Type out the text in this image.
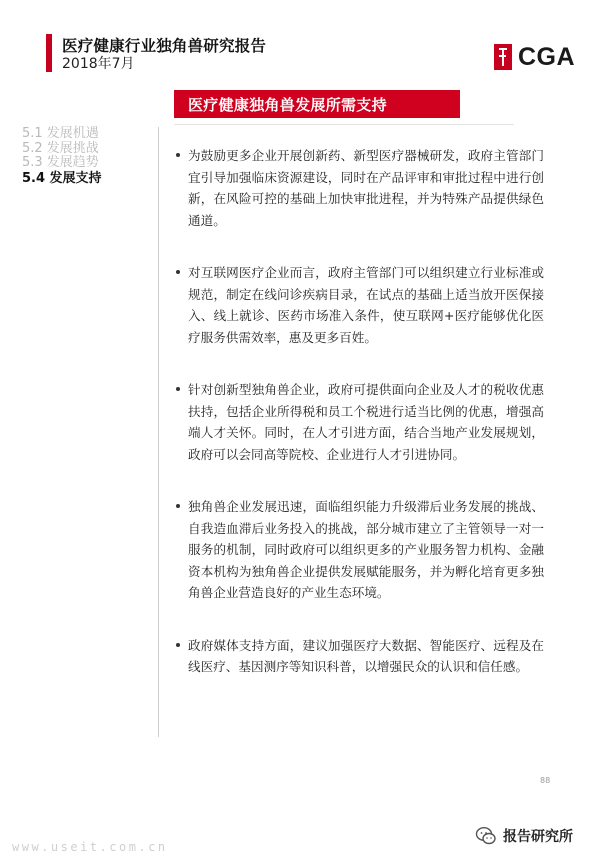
医疗健康行业独角兽研究报告
2018年7月	CGA
医疗健康独角兽发展所需支持
5.1 发展机遇
5.2 发展挑战
5.3 发展趋势
5.4 发展支持

为鼓励更多企业开展创新药、新型医疗器械研发，政府主管部门宜引导加强临床资源建设，同时在产品评审和审批过程中进行创新，在风险可控的基础上加快审批进程，并为特殊产品提供绿色通道。

对互联网医疗企业而言，政府主管部门可以组织建立行业标准或规范，制定在线问诊疾病目录，在试点的基础上适当放开医保接入、线上就诊、医药市场准入条件，使互联网+医疗能够优化医疗服务供需效率，惠及更多百姓。

针对创新型独角兽企业，政府可提供面向企业及人才的税收优惠扶持，包括企业所得税和员工个税进行适当比例的优惠，增强高端人才关怀。同时，在人才引进方面，结合当地产业发展规划，政府可以会同高等院校、企业进行人才引进协同。

独角兽企业发展迅速，面临组织能力升级滞后业务发展的挑战、自我造血滞后业务投入的挑战，部分城市建立了主管领导一对一服务的机制，同时政府可以组织更多的产业服务智力机构、金融资本机构为独角兽企业提供发展赋能服务，并为孵化培育更多独角兽企业营造良好的产业生态环境。

政府媒体支持方面，建议加强医疗大数据、智能医疗、远程及在线医疗、基因测序等知识科普，以增强民众的认识和信任感。

88
www.useit.com.cn
报告研究所
